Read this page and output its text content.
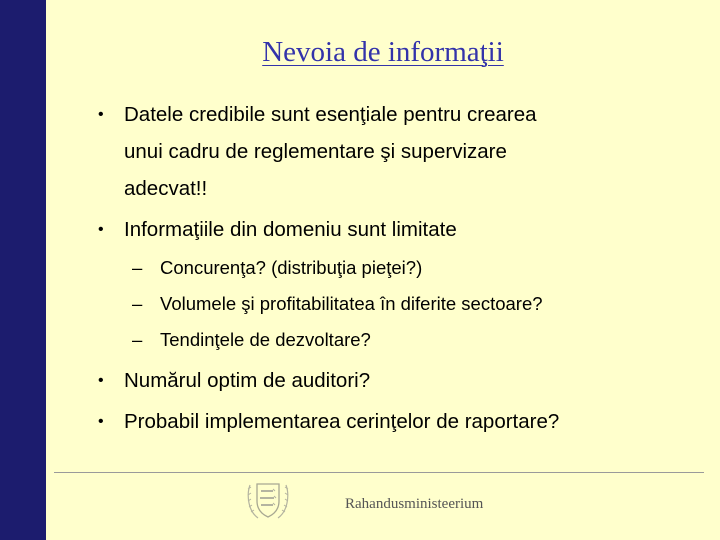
Nevoia de informaţii
• Datele credibile sunt esenţiale pentru crearea
unui cadru de reglementare şi supervizare
adecvat!!
• Informaţiile din domeniu sunt limitate
– Concurenţa? (distribuţia pieţei?)
– Volumele şi profitabilitatea în diferite sectoare?
– Tendinţele de dezvoltare?
• Numărul optim de auditori?
• Probabil implementarea cerinţelor de raportare?
Rahandusministeerium
